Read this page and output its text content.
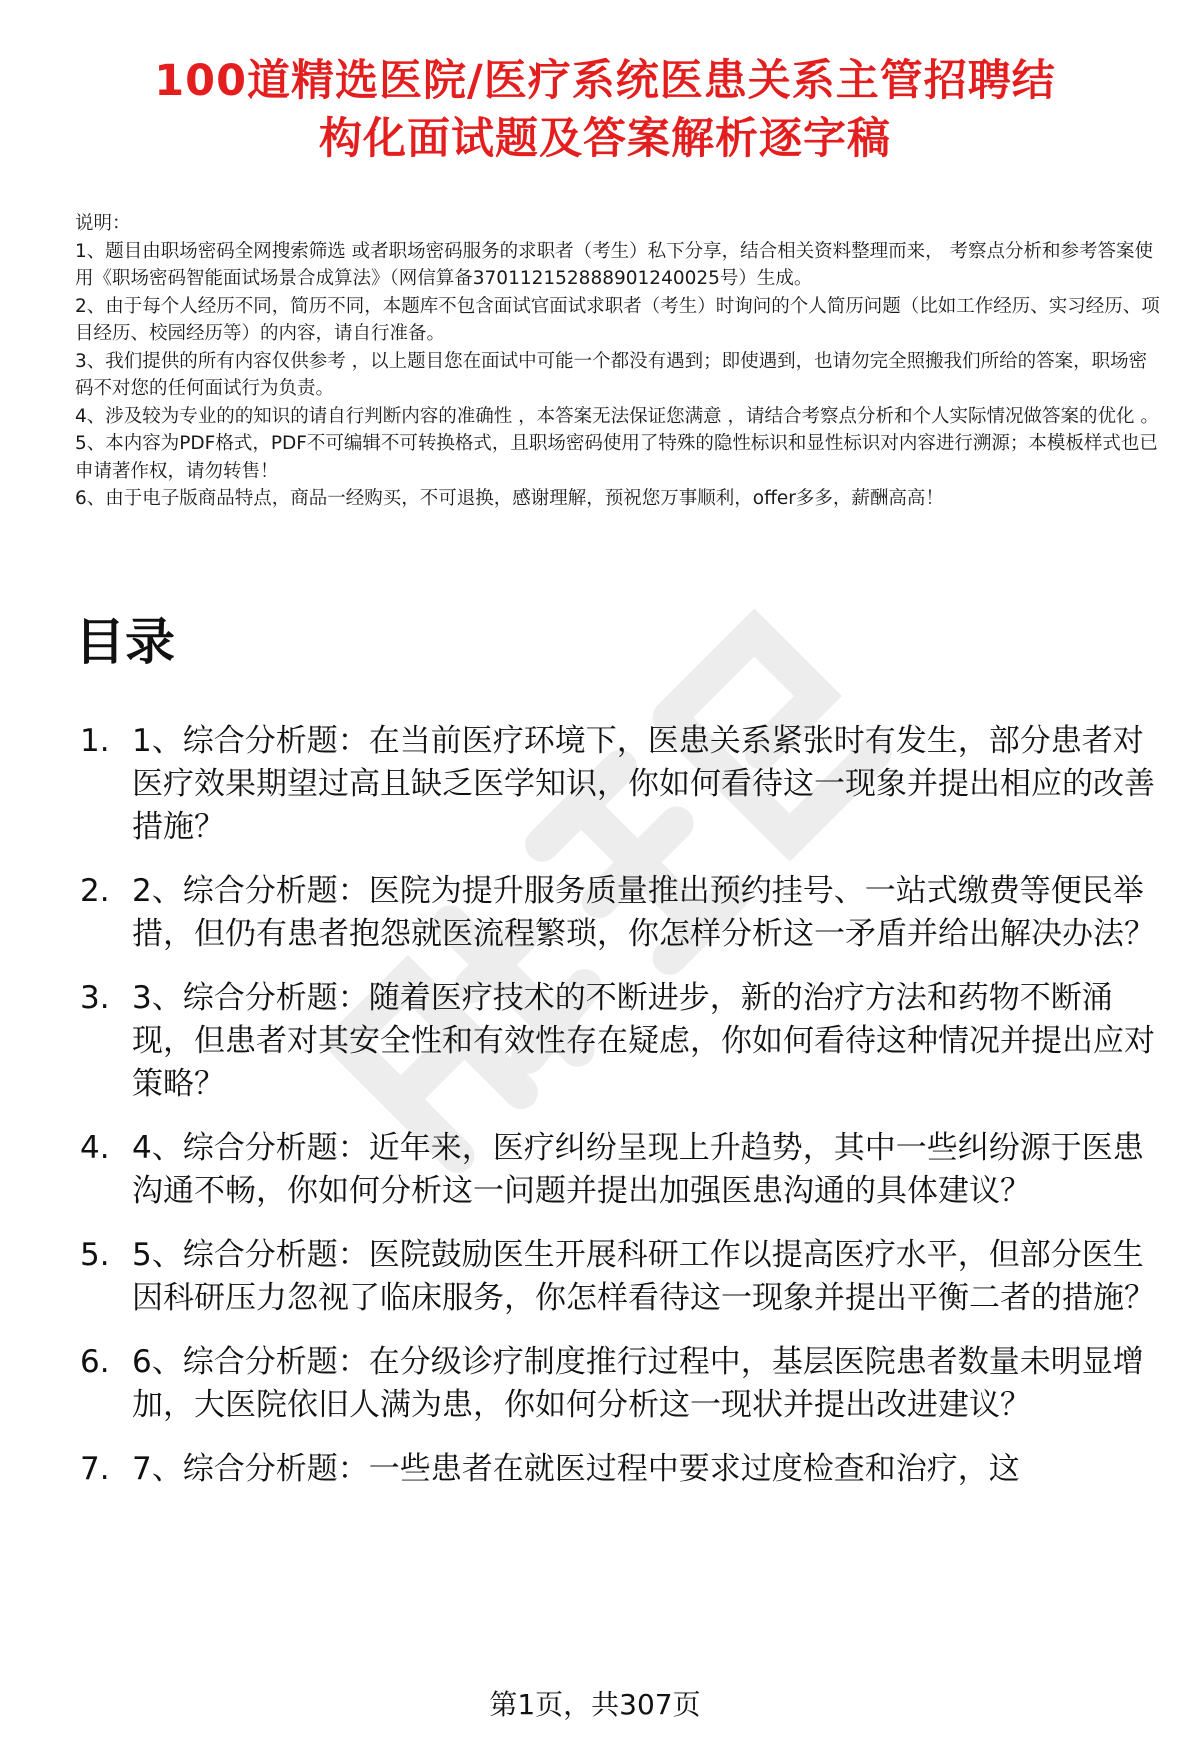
100道精选医院/医疗系统医患关系主管招聘结
构化面试题及答案解析逐字稿

说明：

1、题目由职场密码全网搜索筛选 或者职场密码服务的求职者（考生）私下分享，结合相关资料整理而来， 考察点分析和参考答案使用《职场密码智能面试场景合成算法》（网信算备370112152888901240025号）生成。

2、由于每个人经历不同，简历不同，本题库不包含面试官面试求职者（考生）时询问的个人简历问题（比如工作经历、实习经历、项目经历、校园经历等）的内容，请自行准备。

3、我们提供的所有内容仅供参考 ，以上题目您在面试中可能一个都没有遇到；即使遇到，也请勿完全照搬我们所给的答案，职场密码不对您的任何面试行为负责。

4、涉及较为专业的的知识的请自行判断内容的准确性 ，本答案无法保证您满意 ，请结合考察点分析和个人实际情况做答案的优化 。

5、本内容为PDF格式，PDF不可编辑不可转换格式，且职场密码使用了特殊的隐性标识和显性标识对内容进行溯源；本模板样式也已申请著作权，请勿转售！

6、由于电子版商品特点，商品一经购买，不可退换，感谢理解，预祝您万事顺利，offer多多，薪酬高高！

目录
1. 1、综合分析题：在当前医疗环境下，医患关系紧张时有发生，部分患者对医疗效果期望过高且缺乏医学知识，你如何看待这一现象并提出相应的改善措施？
2. 2、综合分析题：医院为提升服务质量推出预约挂号、一站式缴费等便民举措，但仍有患者抱怨就医流程繁琐，你怎样分析这一矛盾并给出解决办法？
3. 3、综合分析题：随着医疗技术的不断进步，新的治疗方法和药物不断涌现，但患者对其安全性和有效性存在疑虑，你如何看待这种情况并提出应对策略？
4. 4、综合分析题：近年来，医疗纠纷呈现上升趋势，其中一些纠纷源于医患沟通不畅，你如何分析这一问题并提出加强医患沟通的具体建议？
5. 5、综合分析题：医院鼓励医生开展科研工作以提高医疗水平，但部分医生因科研压力忽视了临床服务，你怎样看待这一现象并提出平衡二者的措施？
6. 6、综合分析题：在分级诊疗制度推行过程中，基层医院患者数量未明显增加，大医院依旧人满为患，你如何分析这一现状并提出改进建议？
7. 7、综合分析题：一些患者在就医过程中要求过度检查和治疗，这
第1页，共307页
